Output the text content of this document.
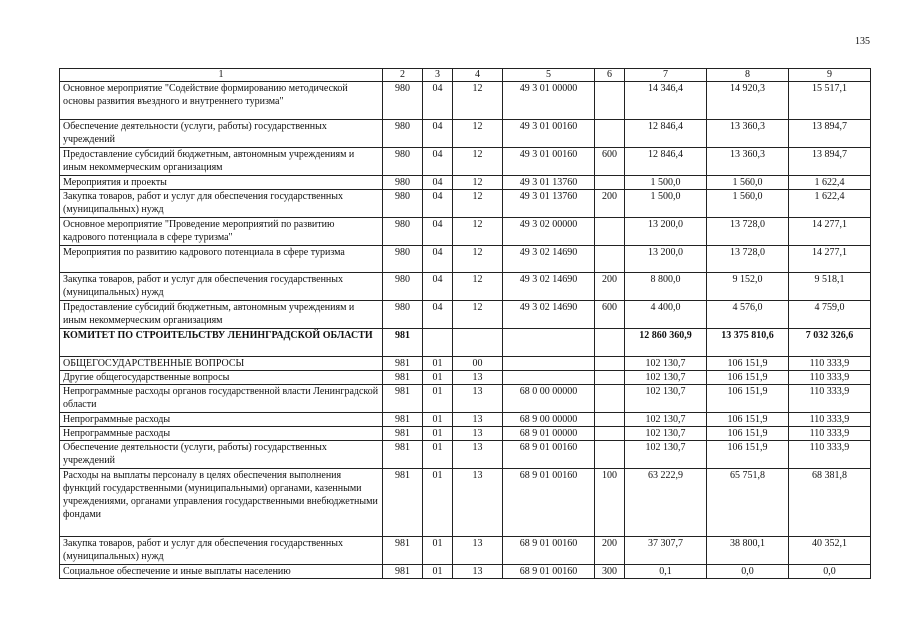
135
1	2	3	4	5	6	7	8	9
Основное мероприятие "Содействие формированию методической основы развития въездного и внутреннего туризма"	980	04	12	49 3 01 00000		14 346,4	14 920,3	15 517,1
Обеспечение деятельности (услуги, работы) государственных учреждений	980	04	12	49 3 01 00160		12 846,4	13 360,3	13 894,7
Предоставление субсидий бюджетным, автономным учреждениям и иным некоммерческим организациям	980	04	12	49 3 01 00160	600	12 846,4	13 360,3	13 894,7
Мероприятия и проекты	980	04	12	49 3 01 13760		1 500,0	1 560,0	1 622,4
Закупка товаров, работ и услуг для обеспечения государственных (муниципальных) нужд	980	04	12	49 3 01 13760	200	1 500,0	1 560,0	1 622,4
Основное мероприятие "Проведение мероприятий по развитию кадрового потенциала в сфере туризма"	980	04	12	49 3 02 00000		13 200,0	13 728,0	14 277,1
Мероприятия по развитию кадрового потенциала в сфере туризма	980	04	12	49 3 02 14690		13 200,0	13 728,0	14 277,1
Закупка товаров, работ и услуг для обеспечения государственных (муниципальных) нужд	980	04	12	49 3 02 14690	200	8 800,0	9 152,0	9 518,1
Предоставление субсидий бюджетным, автономным учреждениям и иным некоммерческим организациям	980	04	12	49 3 02 14690	600	4 400,0	4 576,0	4 759,0
КОМИТЕТ ПО СТРОИТЕЛЬСТВУ ЛЕНИНГРАДСКОЙ ОБЛАСТИ	981					12 860 360,9	13 375 810,6	7 032 326,6
ОБЩЕГОСУДАРСТВЕННЫЕ ВОПРОСЫ	981	01	00			102 130,7	106 151,9	110 333,9
Другие общегосударственные вопросы	981	01	13			102 130,7	106 151,9	110 333,9
Непрограммные расходы органов государственной власти Ленинградской области	981	01	13	68 0 00 00000		102 130,7	106 151,9	110 333,9
Непрограммные расходы	981	01	13	68 9 00 00000		102 130,7	106 151,9	110 333,9
Непрограммные расходы	981	01	13	68 9 01 00000		102 130,7	106 151,9	110 333,9
Обеспечение деятельности (услуги, работы) государственных учреждений	981	01	13	68 9 01 00160		102 130,7	106 151,9	110 333,9
Расходы на выплаты персоналу в целях обеспечения выполнения функций государственными (муниципальными) органами, казенными учреждениями, органами управления государственными внебюджетными фондами	981	01	13	68 9 01 00160	100	63 222,9	65 751,8	68 381,8
Закупка товаров, работ и услуг для обеспечения государственных (муниципальных) нужд	981	01	13	68 9 01 00160	200	37 307,7	38 800,1	40 352,1
Социальное обеспечение и иные выплаты населению	981	01	13	68 9 01 00160	300	0,1	0,0	0,0
